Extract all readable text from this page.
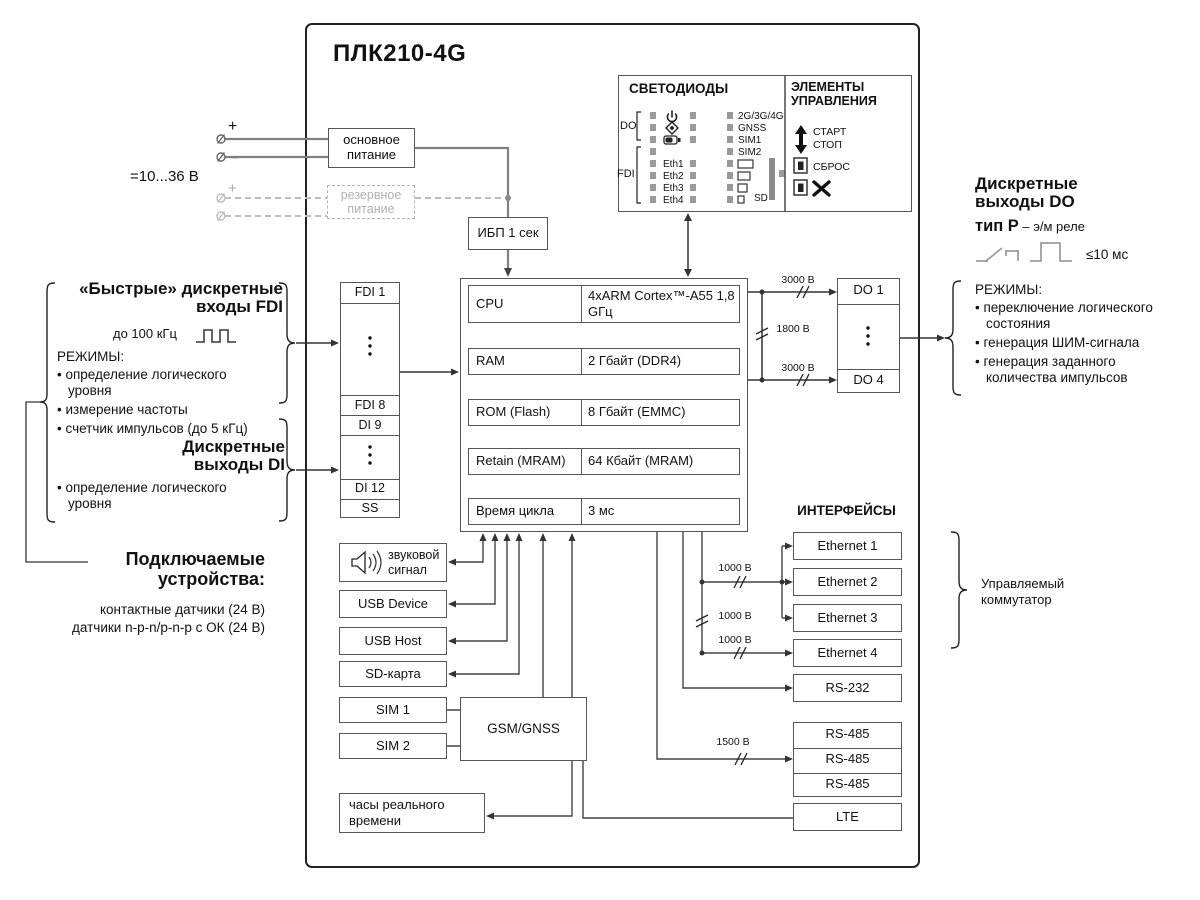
ПЛК210-4G
+
−
+
=10...36 В
основное питание
резервное питание
ИБП 1 сек
СВЕТОДИОДЫ
DO
FDI
Eth1
Eth2
Eth3
Eth4
2G/3G/4G
GNSS
SIM1
SIM2
SD
ЭЛЕМЕНТЫ УПРАВЛЕНИЯ
СТАРТ
СТОП
СБРОС
CPU	4xARM Cortex™-A55 1,8 GГц
RAM	2 Гбайт (DDR4)
ROM (Flash)	8 Гбайт (EMMC)
Retain (MRAM)	64 Кбайт (MRAM)
Время цикла	3 мс
FDI 1
FDI 8
DI 9
DI 12
SS
DO 1
DO 4
«Быстрые» дискретные входы FDI
до 100 кГц
РЕЖИМЫ:
• определение логического уровня
• измерение частоты
• счетчик импульсов (до 5 кГц)
Дискретные выходы DI
• определение логического уровня
Подключаемые устройства:
контактные датчики (24 В)
датчики n-p-n/p-n-p с ОК (24 В)
Дискретные выходы DO
тип Р – э/м реле
≤10 мс
РЕЖИМЫ:
• переключение логического состояния
• генерация ШИМ-сигнала
• генерация заданного количества импульсов
3000 В
1800 В
3000 В
1000 В
1000 В
1000 В
1500 В
ИНТЕРФЕЙСЫ
Ethernet 1
Ethernet 2
Ethernet 3
Ethernet 4
RS-232
RS-485
RS-485
RS-485
LTE
Управляемый коммутатор
звуковой сигнал
USB Device
USB Host
SD-карта
SIM 1
SIM 2
GSM/GNSS
часы реального времени
